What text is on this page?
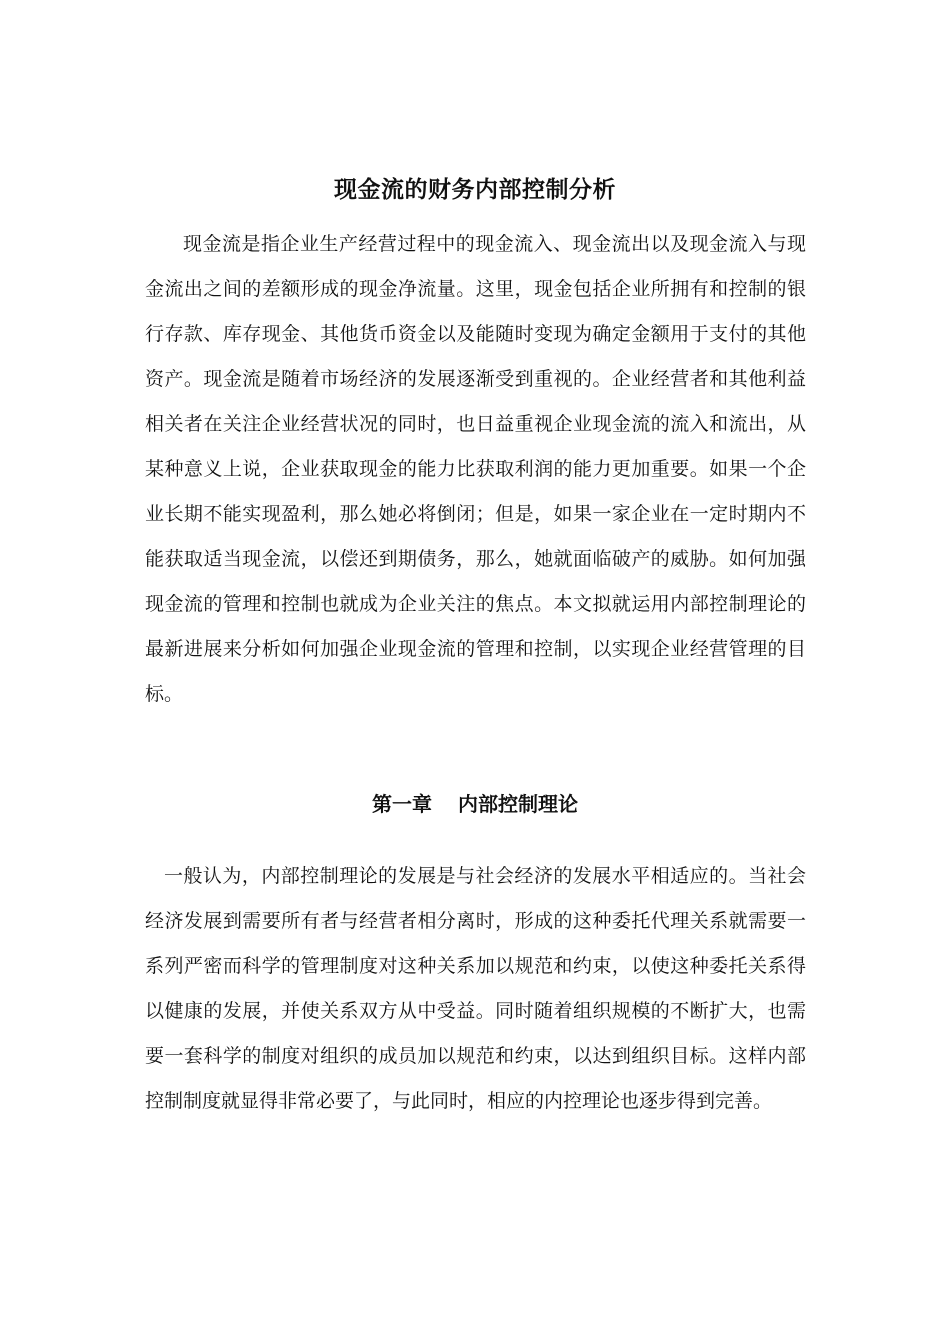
现金流的财务内部控制分析

现金流是指企业生产经营过程中的现金流入、现金流出以及现金流入与现金流出之间的差额形成的现金净流量。这里，现金包括企业所拥有和控制的银行存款、库存现金、其他货币资金以及能随时变现为确定金额用于支付的其他资产。现金流是随着市场经济的发展逐渐受到重视的。企业经营者和其他利益相关者在关注企业经营状况的同时，也日益重视企业现金流的流入和流出，从某种意义上说，企业获取现金的能力比获取利润的能力更加重要。如果一个企业长期不能实现盈利，那么她必将倒闭；但是，如果一家企业在一定时期内不能获取适当现金流，以偿还到期债务，那么，她就面临破产的威胁。如何加强现金流的管理和控制也就成为企业关注的焦点。本文拟就运用内部控制理论的最新进展来分析如何加强企业现金流的管理和控制，以实现企业经营管理的目标。

第一章 内部控制理论

一般认为，内部控制理论的发展是与社会经济的发展水平相适应的。当社会经济发展到需要所有者与经营者相分离时，形成的这种委托代理关系就需要一系列严密而科学的管理制度对这种关系加以规范和约束，以使这种委托关系得以健康的发展，并使关系双方从中受益。同时随着组织规模的不断扩大，也需要一套科学的制度对组织的成员加以规范和约束，以达到组织目标。这样内部控制制度就显得非常必要了，与此同时，相应的内控理论也逐步得到完善。
